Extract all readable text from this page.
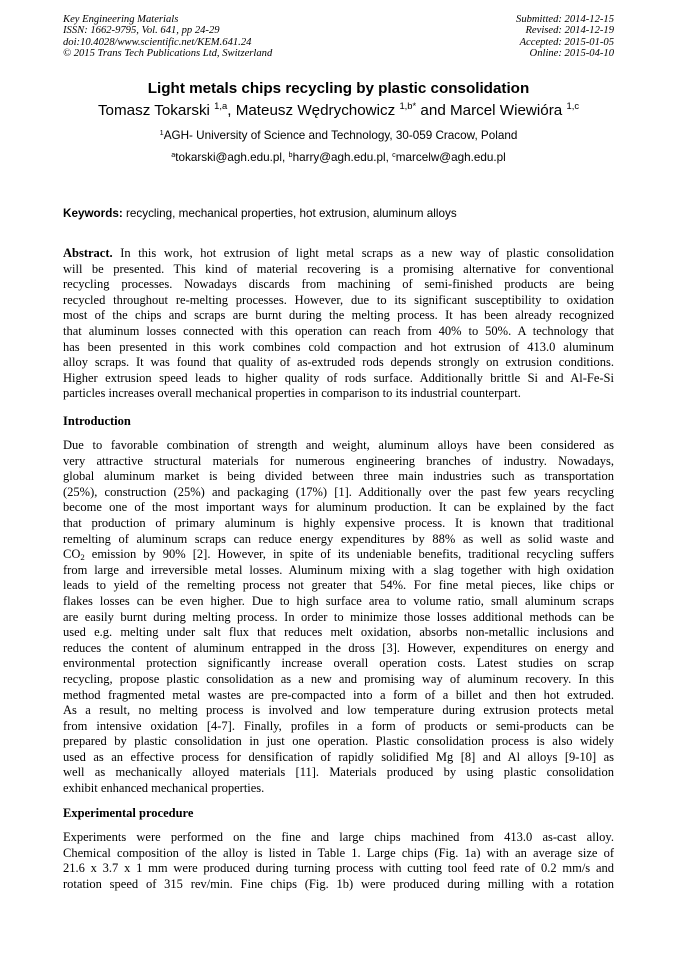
Key Engineering Materials
ISSN: 1662-9795, Vol. 641, pp 24-29
doi:10.4028/www.scientific.net/KEM.641.24
© 2015 Trans Tech Publications Ltd, Switzerland
Submitted: 2014-12-15
Revised: 2014-12-19
Accepted: 2015-01-05
Online: 2015-04-10
Light metals chips recycling by plastic consolidation
Tomasz Tokarski $^{1,a}$, Mateusz Wędrychowicz $^{1,b*}$ and Marcel Wiewióra $^{1,c}$
$^1$AGH- University of Science and Technology, 30-059 Cracow, Poland
$^a$tokarski@agh.edu.pl, $^b$harry@agh.edu.pl, $^c$marcelw@agh.edu.pl
Keywords: recycling, mechanical properties, hot extrusion, aluminum alloys
Abstract. In this work, hot extrusion of light metal scraps as a new way of plastic consolidation
will be presented. This kind of material recovering is a promising alternative for conventional
recycling processes. Nowadays discards from machining of semi-finished products are being
recycled throughout re-melting processes. However, due to its significant susceptibility to oxidation
most of the chips and scraps are burnt during the melting process. It has been already recognized
that aluminum losses connected with this operation can reach from 40% to 50%. A technology that
has been presented in this work combines cold compaction and hot extrusion of 413.0 aluminum
alloy scraps. It was found that quality of as-extruded rods depends strongly on extrusion conditions.
Higher extrusion speed leads to higher quality of rods surface. Additionally brittle Si and Al-Fe-Si
particles increases overall mechanical properties in comparison to its industrial counterpart.
Introduction
Due to favorable combination of strength and weight, aluminum alloys have been considered as
very attractive structural materials for numerous engineering branches of industry. Nowadays,
global aluminum market is being divided between three main industries such as transportation
(25%), construction (25%) and packaging (17%) [1]. Additionally over the past few years recycling
become one of the most important ways for aluminum production. It can be explained by the fact
that production of primary aluminum is highly expensive process. It is known that traditional
remelting of aluminum scraps can reduce energy expenditures by 88% as well as solid waste and
$CO_2$ emission by 90% [2]. However, in spite of its undeniable benefits, traditional recycling suffers
from large and irreversible metal losses. Aluminum mixing with a slag together with high oxidation
leads to yield of the remelting process not greater that 54%. For fine metal pieces, like chips or
flakes losses can be even higher. Due to high surface area to volume ratio, small aluminum scraps
are easily burnt during melting process. In order to minimize those losses additional methods can be
used e.g. melting under salt flux that reduces melt oxidation, absorbs non-metallic inclusions and
reduces the content of aluminum entrapped in the dross [3]. However, expenditures on energy and
environmental protection significantly increase overall operation costs. Latest studies on scrap
recycling, propose plastic consolidation as a new and promising way of aluminum recovery. In this
method fragmented metal wastes are pre-compacted into a form of a billet and then hot extruded.
As a result, no melting process is involved and low temperature during extrusion protects metal
from intensive oxidation [4-7]. Finally, profiles in a form of products or semi-products can be
prepared by plastic consolidation in just one operation. Plastic consolidation process is also widely
used as an effective process for densification of rapidly solidified Mg [8] and Al alloys [9-10] as
well as mechanically alloyed materials [11]. Materials produced by using plastic consolidation
exhibit enhanced mechanical properties.
Experimental procedure
Experiments were performed on the fine and large chips machined from 413.0 as-cast alloy.
Chemical composition of the alloy is listed in Table 1. Large chips (Fig. 1a) with an average size of
21.6 x 3.7 x 1 mm were produced during turning process with cutting tool feed rate of 0.2 mm/s and
rotation speed of 315 rev/min. Fine chips (Fig. 1b) were produced during milling with a rotation
